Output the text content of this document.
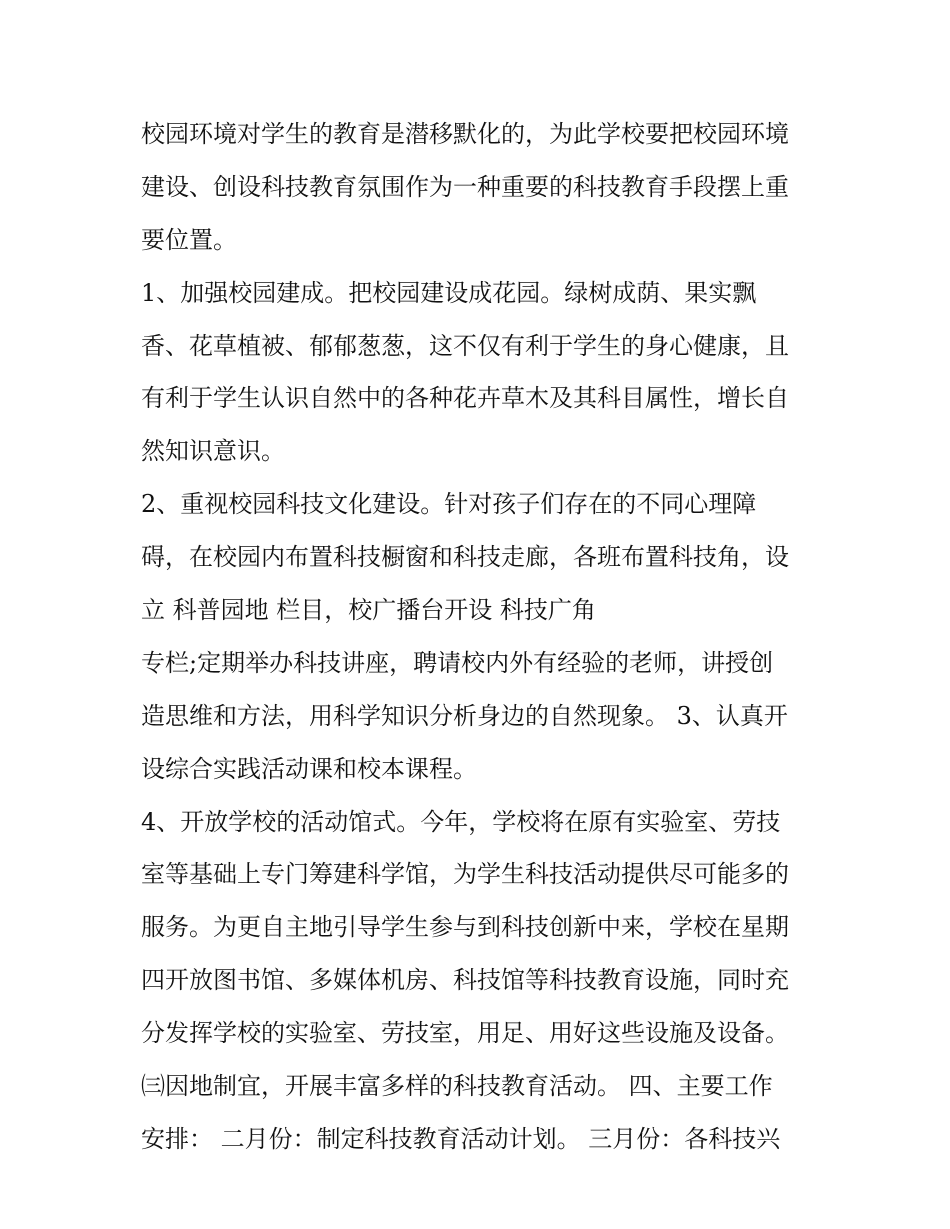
校园环境对学生的教育是潜移默化的，为此学校要把校园环境
建设、创设科技教育氛围作为一种重要的科技教育手段摆上重
要位置。
1、加强校园建成。把校园建设成花园。绿树成荫、果实飘
香、花草植被、郁郁葱葱，这不仅有利于学生的身心健康，且
有利于学生认识自然中的各种花卉草木及其科目属性，增长自
然知识意识。
2、重视校园科技文化建设。针对孩子们存在的不同心理障
碍，在校园内布置科技橱窗和科技走廊，各班布置科技角，设
立 科普园地 栏目，校广播台开设 科技广角
专栏;定期举办科技讲座，聘请校内外有经验的老师，讲授创
造思维和方法，用科学知识分析身边的自然现象。 3、认真开
设综合实践活动课和校本课程。
4、开放学校的活动馆式。今年，学校将在原有实验室、劳技
室等基础上专门筹建科学馆，为学生科技活动提供尽可能多的
服务。为更自主地引导学生参与到科技创新中来，学校在星期
四开放图书馆、多媒体机房、科技馆等科技教育设施，同时充
分发挥学校的实验室、劳技室，用足、用好这些设施及设备。
㈢因地制宜，开展丰富多样的科技教育活动。 四、主要工作
安排： 二月份：制定科技教育活动计划。 三月份：各科技兴
